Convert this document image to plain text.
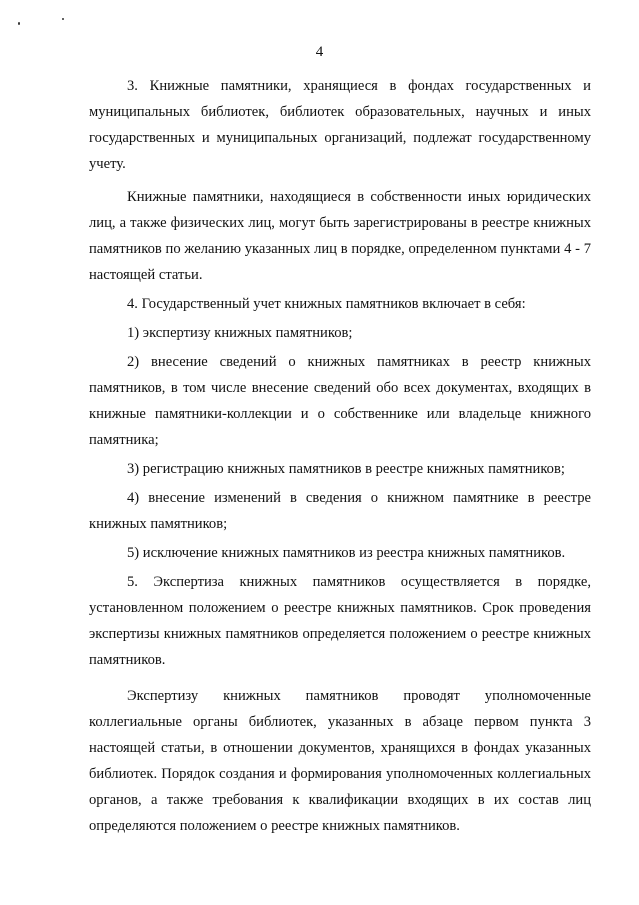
4

3. Книжные памятники, хранящиеся в фондах государственных и муниципальных библиотек, библиотек образовательных, научных и иных государственных и муниципальных организаций, подлежат государственному учету.

Книжные памятники, находящиеся в собственности иных юридических лиц, а также физических лиц, могут быть зарегистрированы в реестре книжных памятников по желанию указанных лиц в порядке, определенном пунктами 4 - 7 настоящей статьи.

4. Государственный учет книжных памятников включает в себя:

1) экспертизу книжных памятников;

2) внесение сведений о книжных памятниках в реестр книжных памятников, в том числе внесение сведений обо всех документах, входящих в книжные памятники-коллекции и о собственнике или владельце книжного памятника;

3) регистрацию книжных памятников в реестре книжных памятников;

4) внесение изменений в сведения о книжном памятнике в реестре книжных памятников;

5) исключение книжных памятников из реестра книжных памятников.

5. Экспертиза книжных памятников осуществляется в порядке, установленном положением о реестре книжных памятников. Срок проведения экспертизы книжных памятников определяется положением о реестре книжных памятников.

Экспертизу книжных памятников проводят уполномоченные коллегиальные органы библиотек, указанных в абзаце первом пункта 3 настоящей статьи, в отношении документов, хранящихся в фондах указанных библиотек. Порядок создания и формирования уполномоченных коллегиальных органов, а также требования к квалификации входящих в их состав лиц определяются положением о реестре книжных памятников.
